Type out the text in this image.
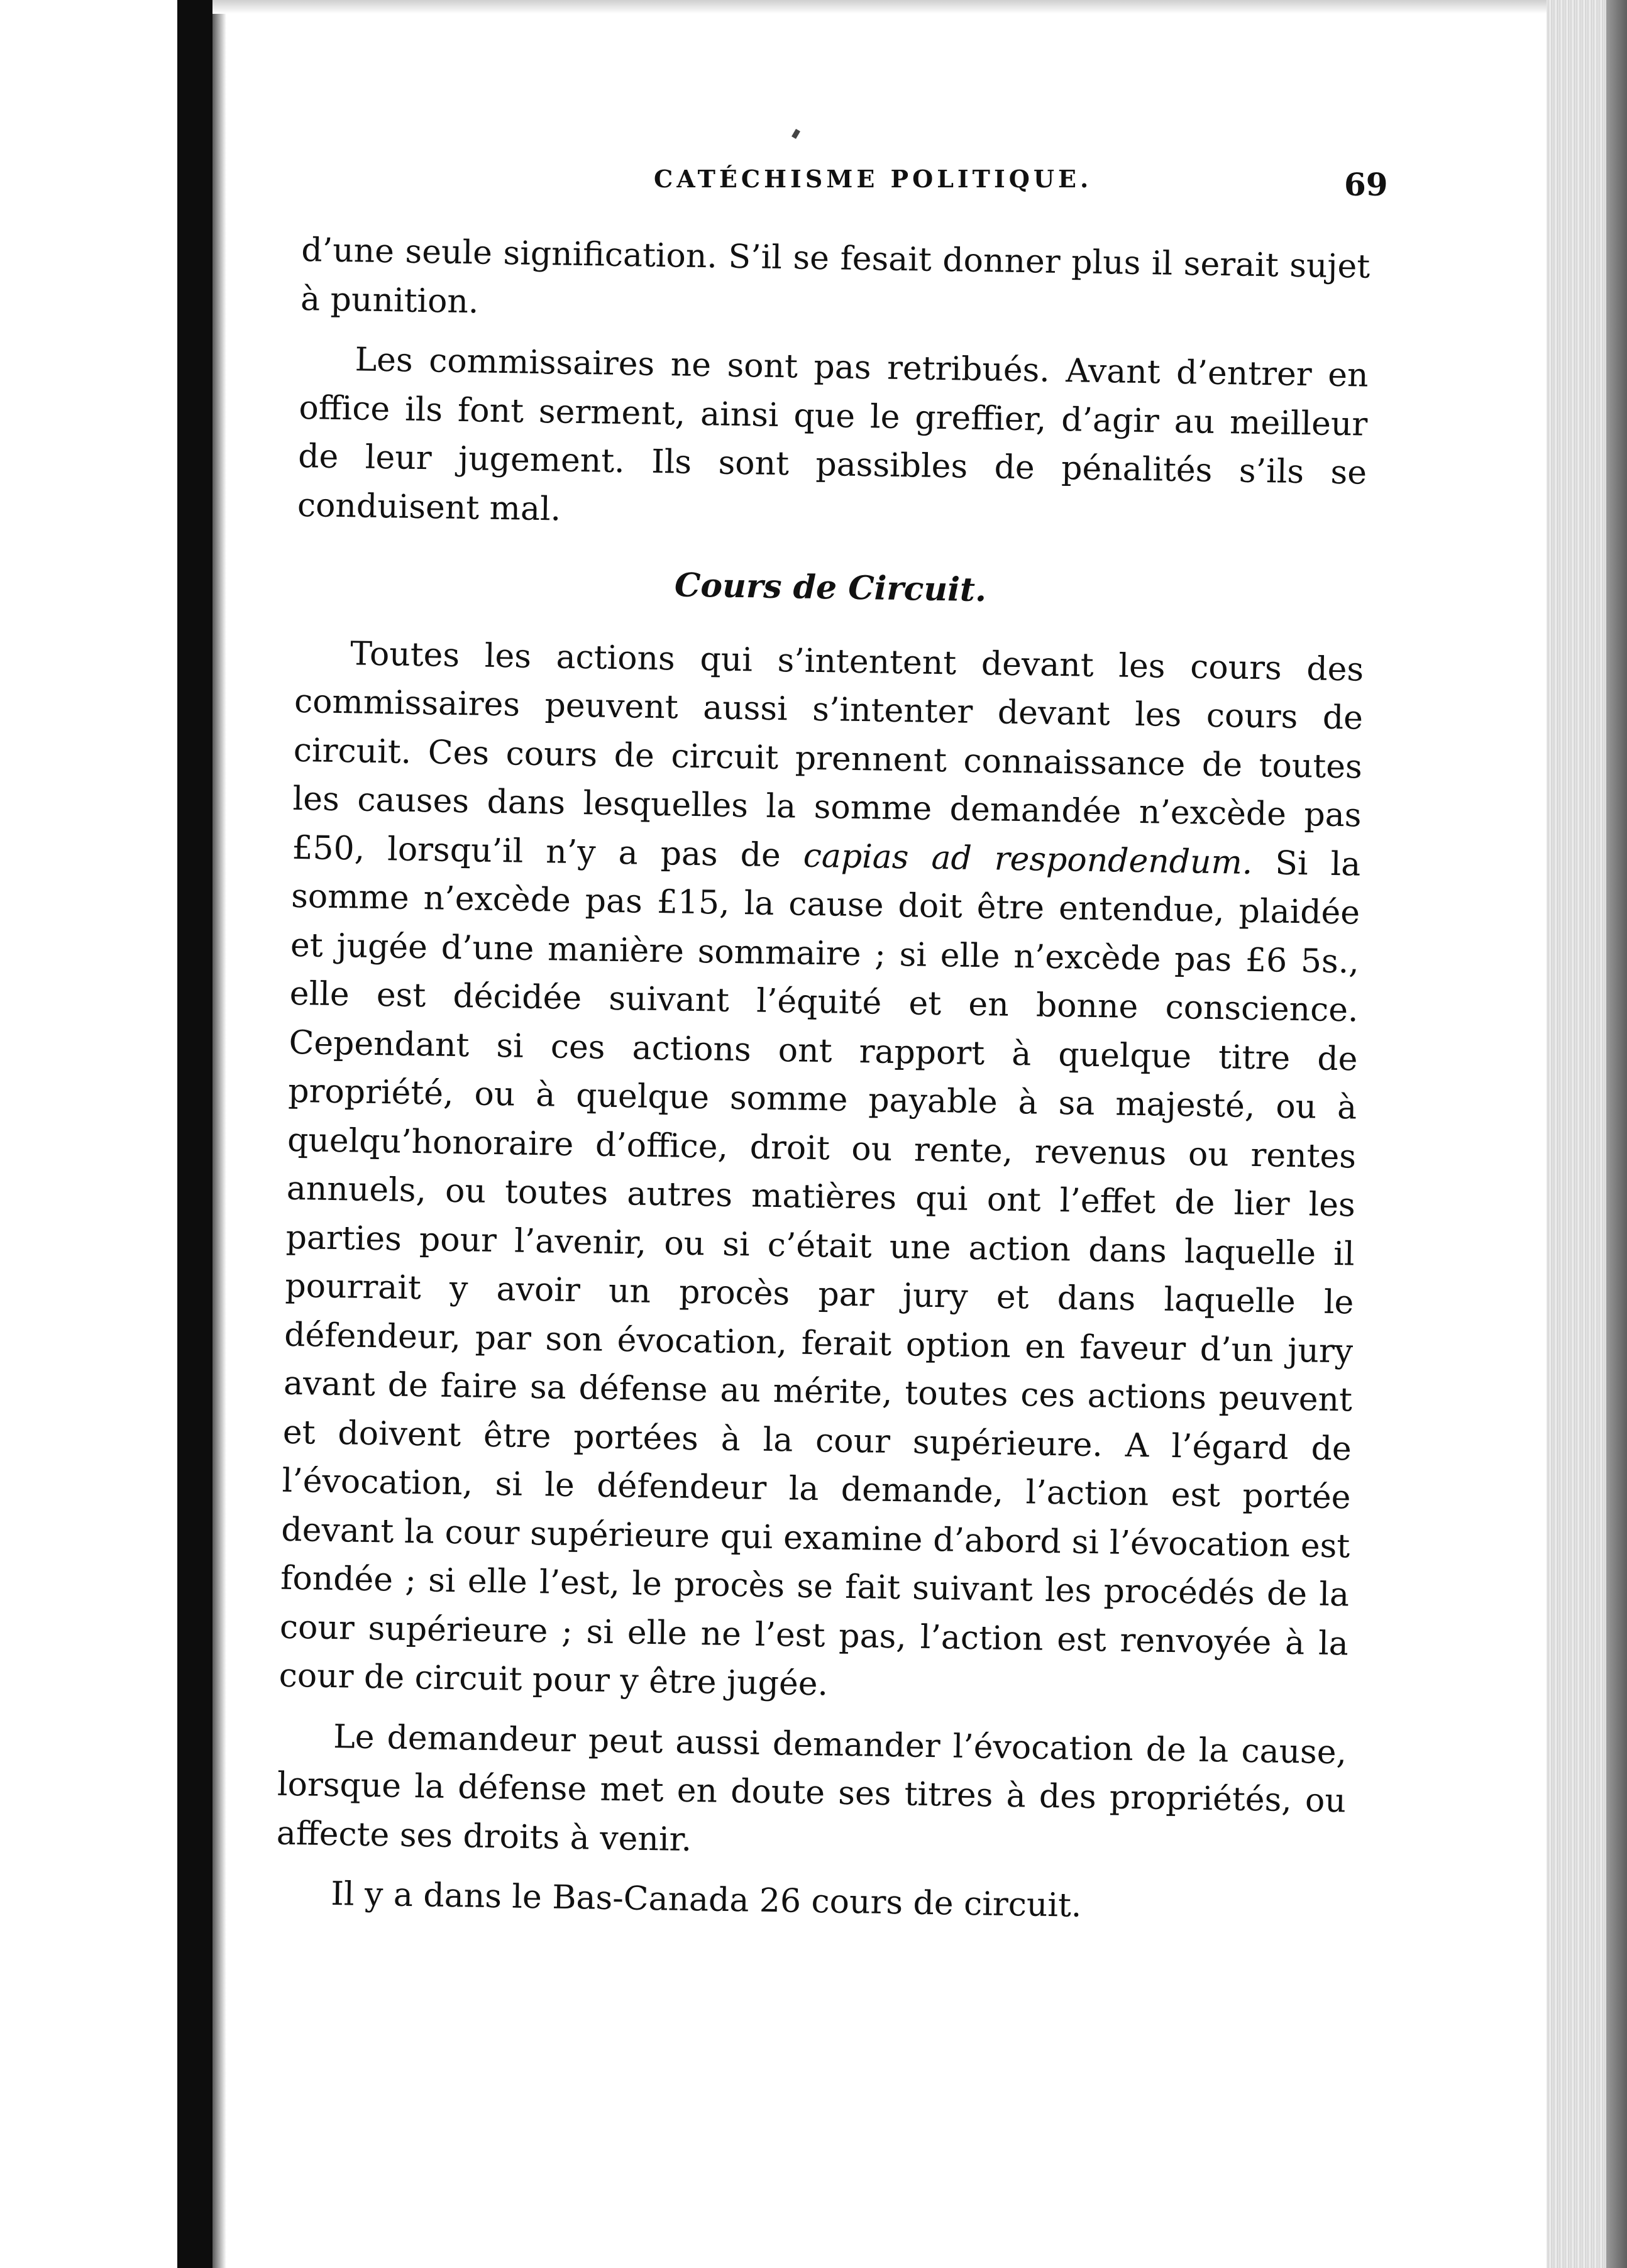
CATÉCHISME POLITIQUE.	69

d’une seule signification. S’il se fesait donner plus il serait sujet à punition.

Les commissaires ne sont pas retribués. Avant d’entrer en office ils font serment, ainsi que le greffier, d’agir au meilleur de leur jugement. Ils sont passibles de pénalités s’ils se conduisent mal.

Cours de Circuit.

Toutes les actions qui s’intentent devant les cours des commissaires peuvent aussi s’intenter devant les cours de circuit. Ces cours de circuit prennent connaissance de toutes les causes dans lesquelles la somme demandée n’excède pas £50, lorsqu’il n’y a pas de capias ad respondendum. Si la somme n’excède pas £15, la cause doit être entendue, plaidée et jugée d’une manière sommaire ; si elle n’excède pas £6 5s., elle est décidée suivant l’équité et en bonne conscience. Cependant si ces actions ont rapport à quelque titre de propriété, ou à quelque somme payable à sa majesté, ou à quelqu’honoraire d’office, droit ou rente, revenus ou rentes annuels, ou toutes autres matières qui ont l’effet de lier les parties pour l’avenir, ou si c’était une action dans laquelle il pourrait y avoir un procès par jury et dans laquelle le défendeur, par son évocation, ferait option en faveur d’un jury avant de faire sa défense au mérite, toutes ces actions peuvent et doivent être portées à la cour supérieure. A l’égard de l’évocation, si le défendeur la demande, l’action est portée devant la cour supérieure qui examine d’abord si l’évocation est fondée ; si elle l’est, le procès se fait suivant les procédés de la cour supérieure ; si elle ne l’est pas, l’action est renvoyée à la cour de circuit pour y être jugée.

Le demandeur peut aussi demander l’évocation de la cause, lorsque la défense met en doute ses titres à des propriétés, ou affecte ses droits à venir.

Il y a dans le Bas-Canada 26 cours de circuit.
